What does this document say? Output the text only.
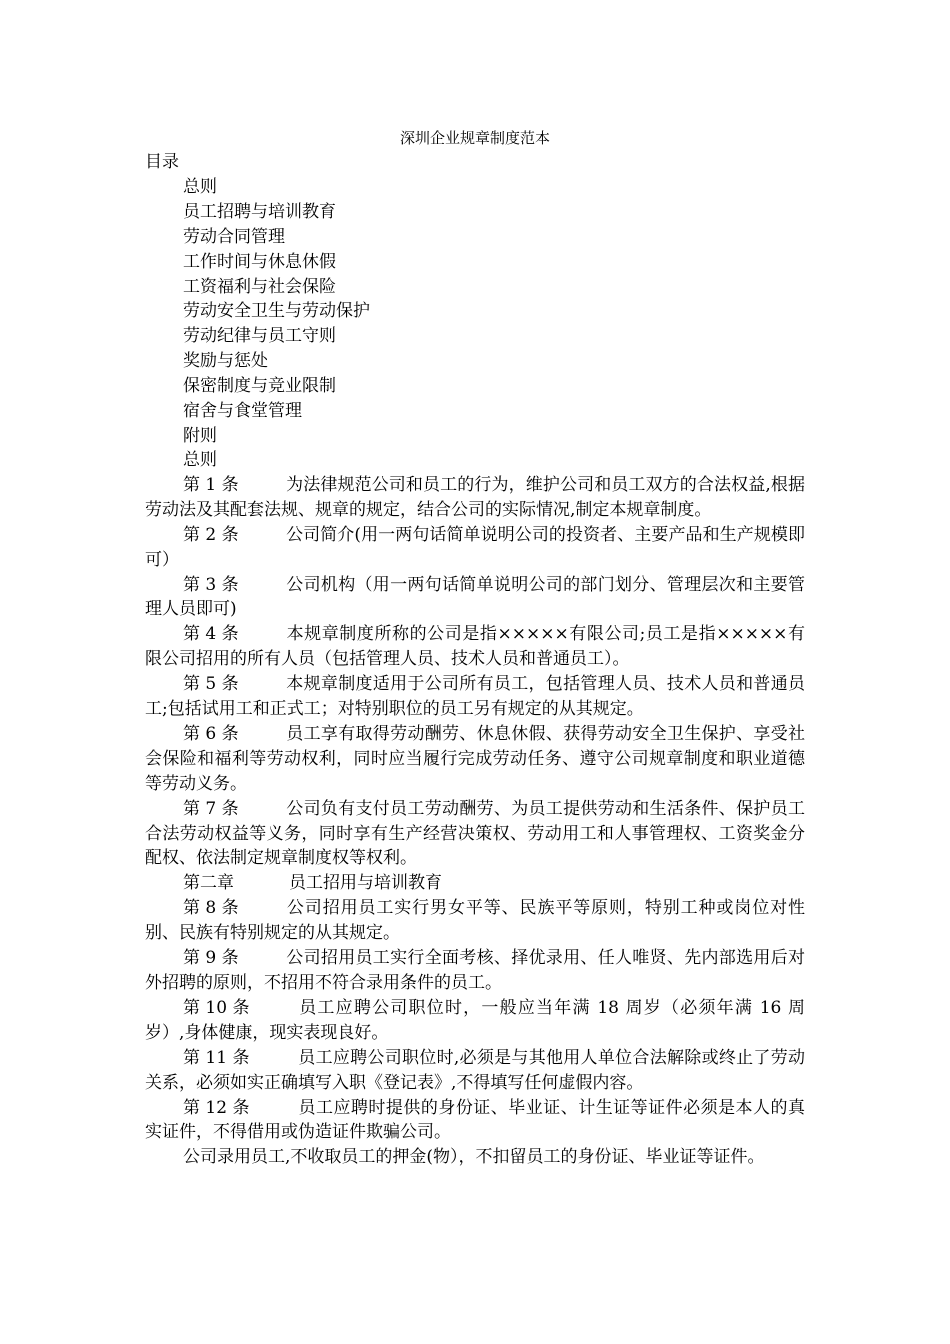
深圳企业规章制度范本
目录
总则
员工招聘与培训教育
劳动合同管理
工作时间与休息休假
工资福利与社会保险
劳动安全卫生与劳动保护
劳动纪律与员工守则
奖励与惩处
保密制度与竞业限制
宿舍与食堂管理
附则
总则

第 1 条	为法律规范公司和员工的行为，维护公司和员工双方的合法权益,根据劳动法及其配套法规、规章的规定，结合公司的实际情况,制定本规章制度。

第 2 条	公司简介(用一两句话简单说明公司的投资者、主要产品和生产规模即可）

第 3 条	公司机构（用一两句话简单说明公司的部门划分、管理层次和主要管理人员即可)

第 4 条	本规章制度所称的公司是指×××××有限公司;员工是指×××××有限公司招用的所有人员（包括管理人员、技术人员和普通员工）。

第 5 条	本规章制度适用于公司所有员工，包括管理人员、技术人员和普通员工;包括试用工和正式工；对特别职位的员工另有规定的从其规定。

第 6 条	员工享有取得劳动酬劳、休息休假、获得劳动安全卫生保护、享受社会保险和福利等劳动权利，同时应当履行完成劳动任务、遵守公司规章制度和职业道德等劳动义务。

第 7 条	公司负有支付员工劳动酬劳、为员工提供劳动和生活条件、保护员工合法劳动权益等义务，同时享有生产经营决策权、劳动用工和人事管理权、工资奖金分配权、依法制定规章制度权等权利。

第二章	员工招用与培训教育

第 8 条	公司招用员工实行男女平等、民族平等原则，特别工种或岗位对性别、民族有特别规定的从其规定。

第 9 条	公司招用员工实行全面考核、择优录用、任人唯贤、先内部选用后对外招聘的原则，不招用不符合录用条件的员工。

第 10 条	员工应聘公司职位时，一般应当年满 18 周岁（必须年满 16 周岁）,身体健康，现实表现良好。

第 11 条	员工应聘公司职位时,必须是与其他用人单位合法解除或终止了劳动关系，必须如实正确填写入职《登记表》,不得填写任何虚假内容。

第 12 条	员工应聘时提供的身份证、毕业证、计生证等证件必须是本人的真实证件，不得借用或伪造证件欺骗公司。

公司录用员工,不收取员工的押金(物），不扣留员工的身份证、毕业证等证件。
